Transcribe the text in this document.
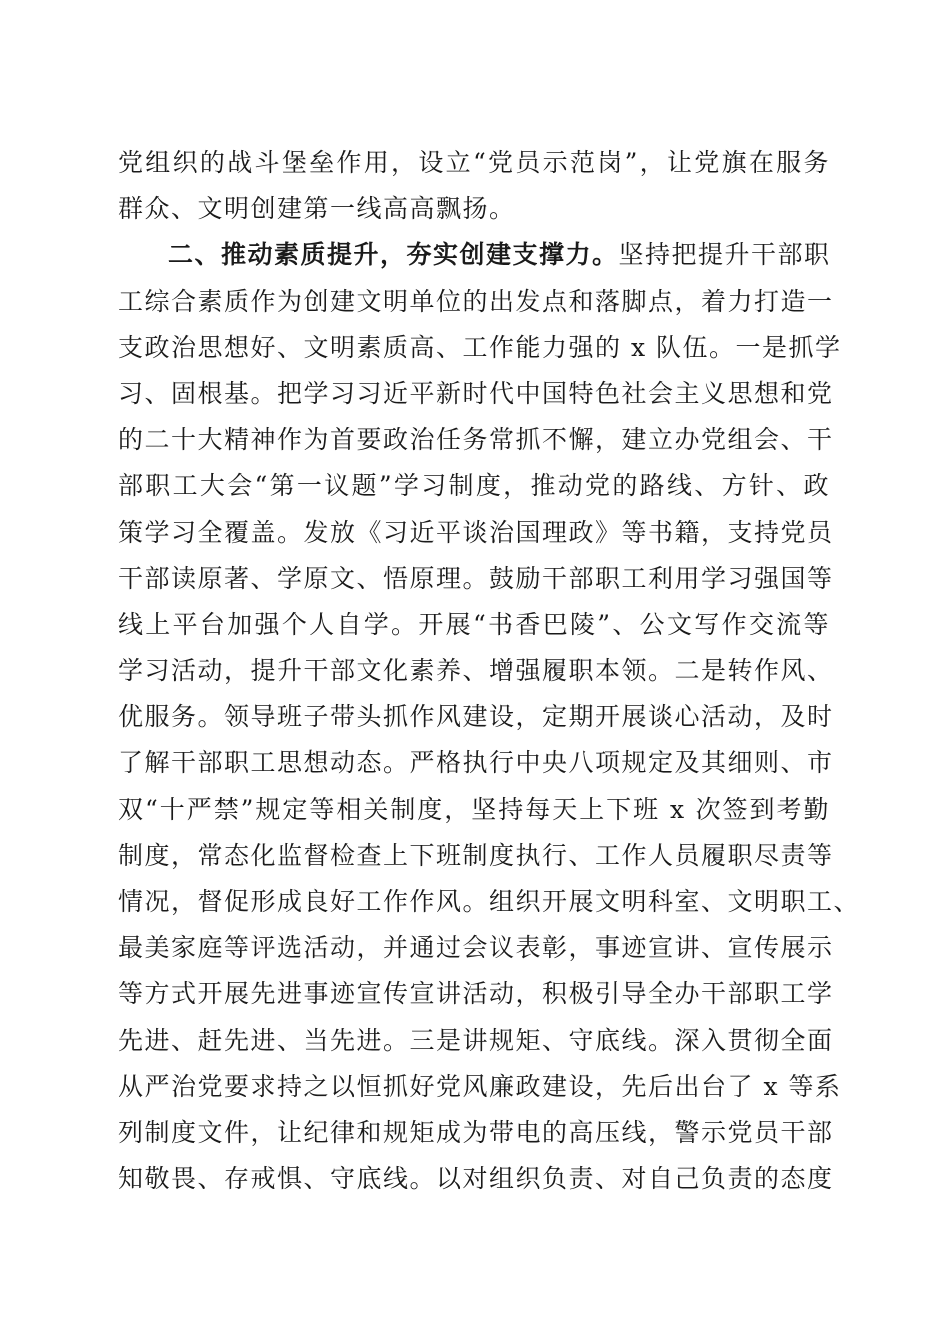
党组织的战斗堡垒作用，设立“党员示范岗”，让党旗在服务
群众、文明创建第一线高高飘扬。
二、推动素质提升，夯实创建支撑力。坚持把提升干部职
工综合素质作为创建文明单位的出发点和落脚点，着力打造一
支政治思想好、文明素质高、工作能力强的 x 队伍。一是抓学
习、固根基。把学习习近平新时代中国特色社会主义思想和党
的二十大精神作为首要政治任务常抓不懈，建立办党组会、干
部职工大会“第一议题”学习制度，推动党的路线、方针、政
策学习全覆盖。发放《习近平谈治国理政》等书籍，支持党员
干部读原著、学原文、悟原理。鼓励干部职工利用学习强国等
线上平台加强个人自学。开展“书香巴陵”、公文写作交流等
学习活动，提升干部文化素养、增强履职本领。二是转作风、
优服务。领导班子带头抓作风建设，定期开展谈心活动，及时
了解干部职工思想动态。严格执行中央八项规定及其细则、市
双“十严禁”规定等相关制度，坚持每天上下班 x 次签到考勤
制度，常态化监督检查上下班制度执行、工作人员履职尽责等
情况，督促形成良好工作作风。组织开展文明科室、文明职工、
最美家庭等评选活动，并通过会议表彰，事迹宣讲、宣传展示
等方式开展先进事迹宣传宣讲活动，积极引导全办干部职工学
先进、赶先进、当先进。三是讲规矩、守底线。深入贯彻全面
从严治党要求持之以恒抓好党风廉政建设，先后出台了 x 等系
列制度文件，让纪律和规矩成为带电的高压线，警示党员干部
知敬畏、存戒惧、守底线。以对组织负责、对自己负责的态度
